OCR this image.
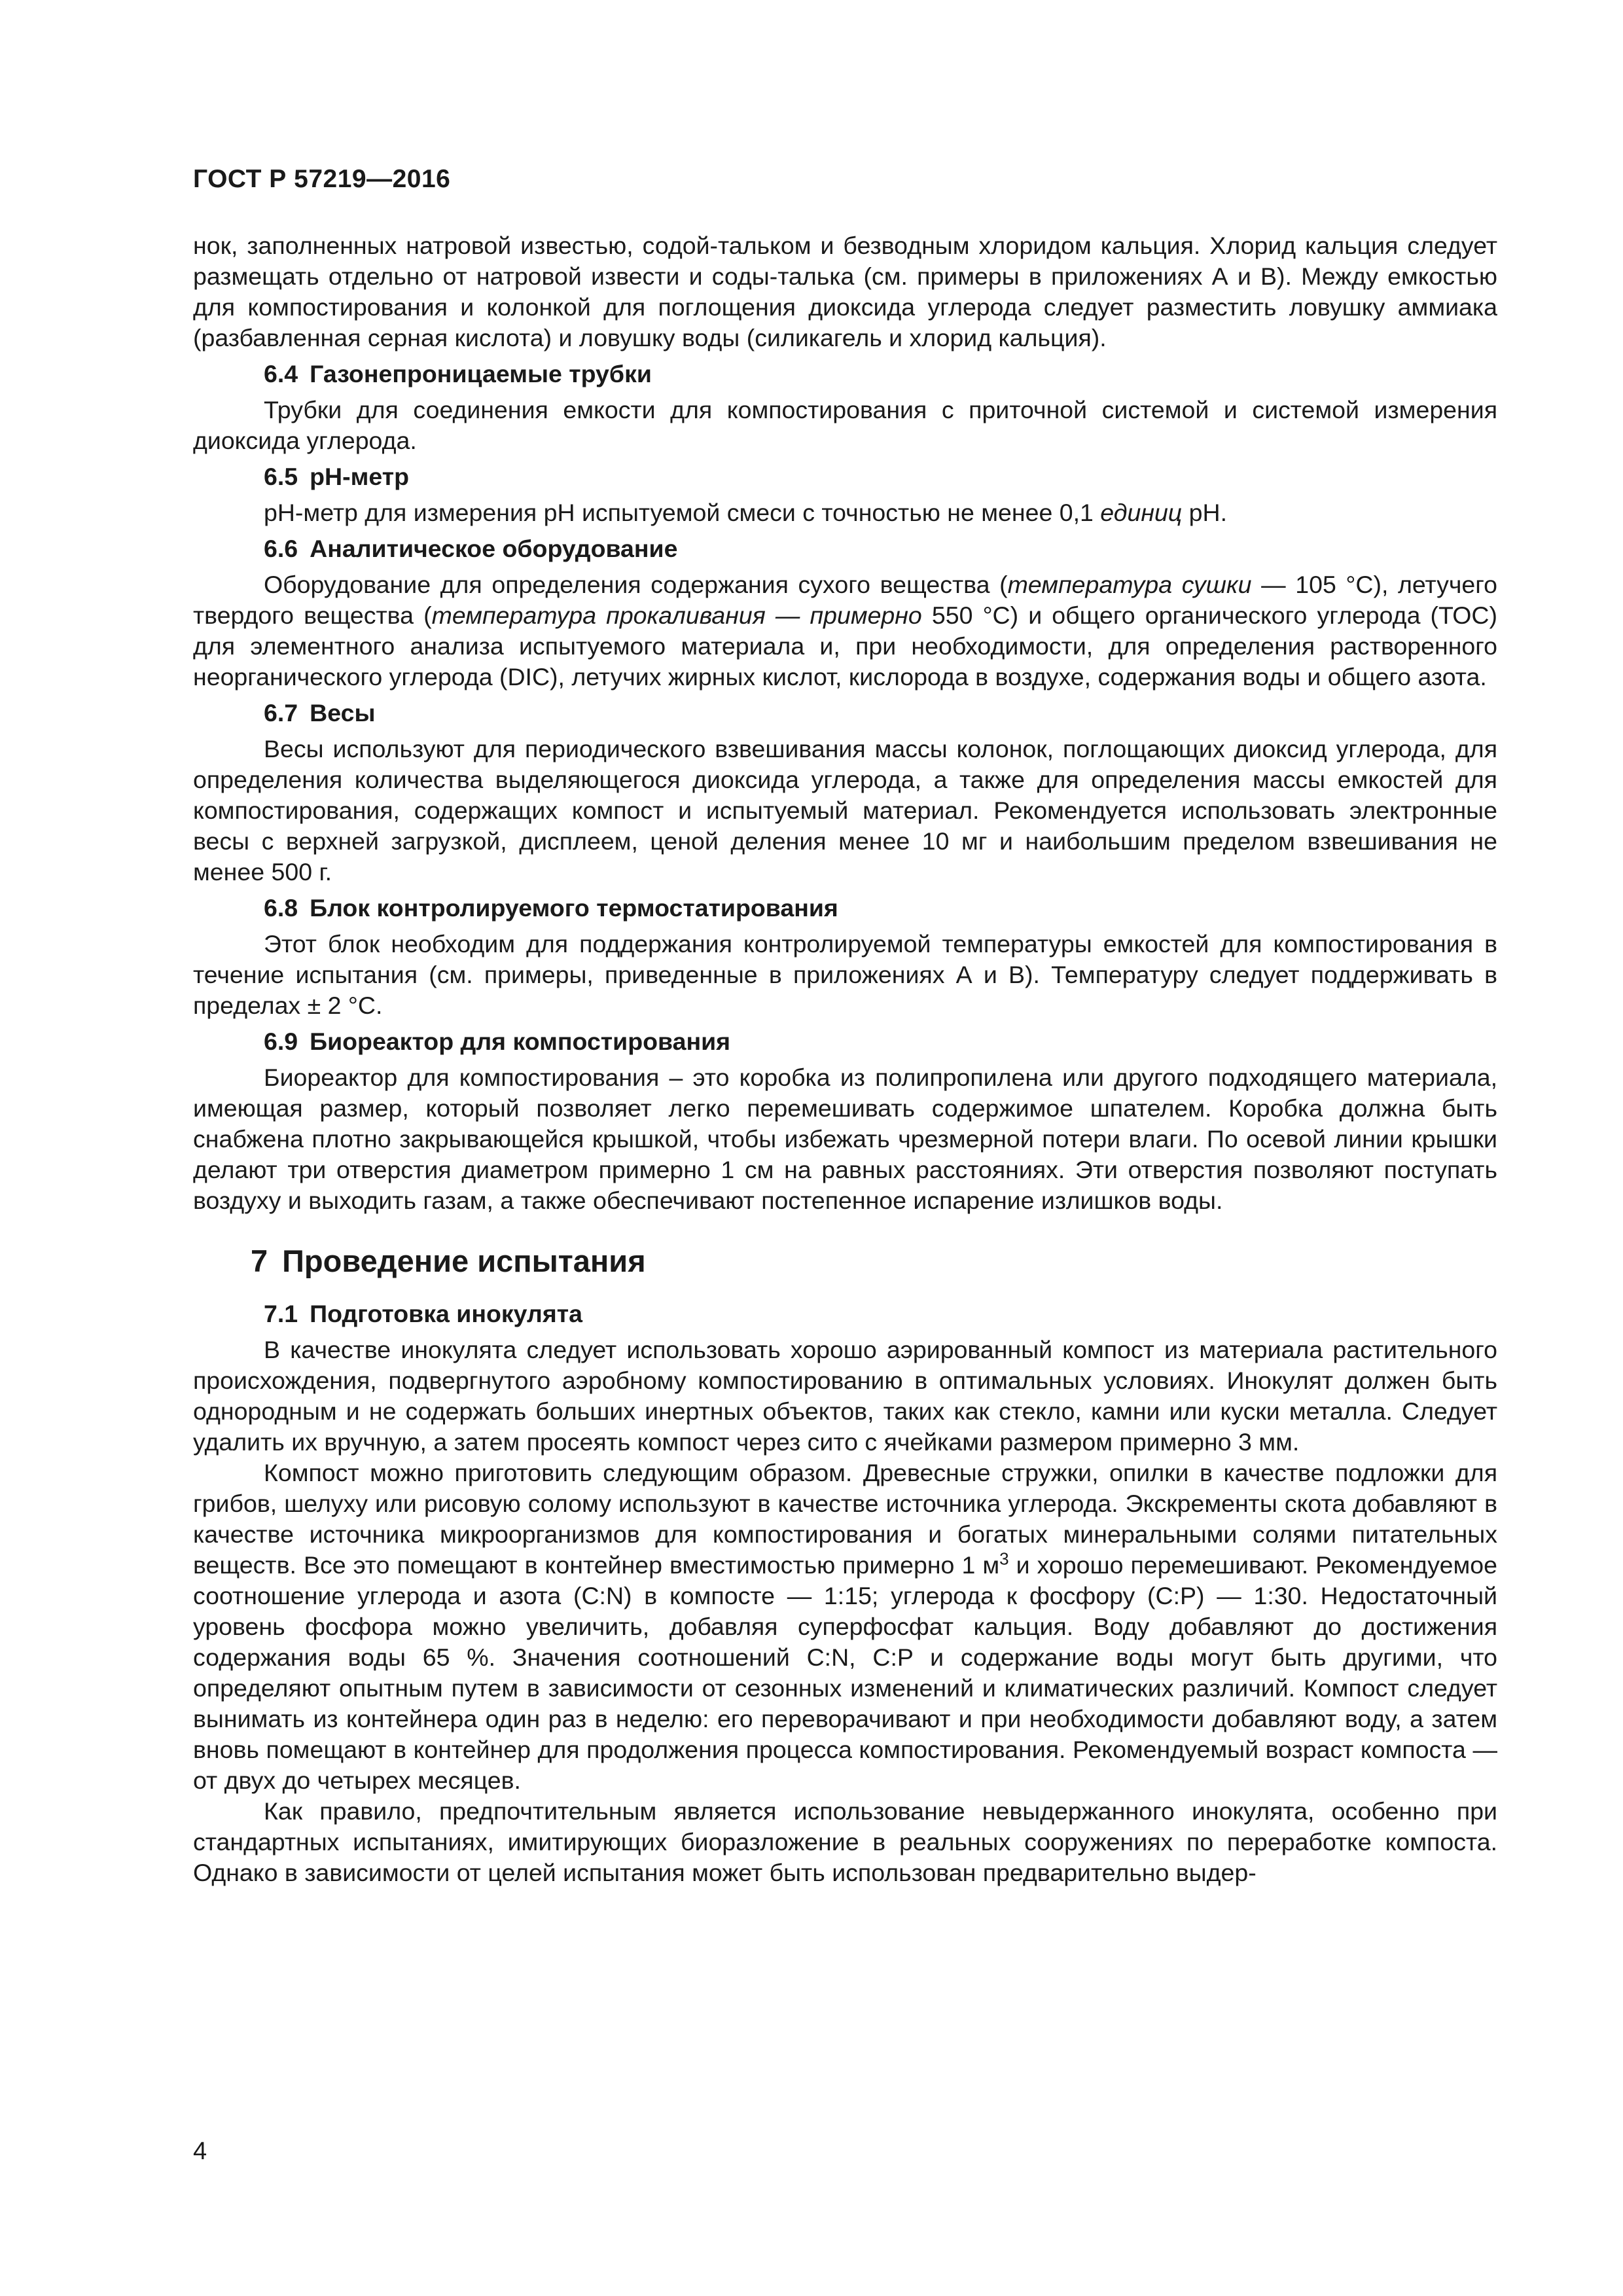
ГОСТ Р 57219—2016

нок, заполненных натровой известью, содой-тальком и безводным хлоридом кальция. Хлорид кальция следует размещать отдельно от натровой извести и соды-талька (см. примеры в приложениях А и В). Между емкостью для компостирования и колонкой для поглощения диоксида углерода следует разместить ловушку аммиака (разбавленная серная кислота) и ловушку воды (силикагель и хлорид кальция).

6.4 Газонепроницаемые трубки

Трубки для соединения емкости для компостирования с приточной системой и системой измерения диоксида углерода.

6.5 pH-метр

pH-метр для измерения pH испытуемой смеси с точностью не менее 0,1 единиц pH.

6.6 Аналитическое оборудование

Оборудование для определения содержания сухого вещества (температура сушки — 105 °С), летучего твердого вещества (температура прокаливания — примерно 550 °С) и общего органического углерода (ТОС) для элементного анализа испытуемого материала и, при необходимости, для определения растворенного неорганического углерода (DIC), летучих жирных кислот, кислорода в воздухе, содержания воды и общего азота.

6.7 Весы

Весы используют для периодического взвешивания массы колонок, поглощающих диоксид углерода, для определения количества выделяющегося диоксида углерода, а также для определения массы емкостей для компостирования, содержащих компост и испытуемый материал. Рекомендуется использовать электронные весы с верхней загрузкой, дисплеем, ценой деления менее 10 мг и наибольшим пределом взвешивания не менее 500 г.

6.8 Блок контролируемого термостатирования

Этот блок необходим для поддержания контролируемой температуры емкостей для компостирования в течение испытания (см. примеры, приведенные в приложениях А и В). Температуру следует поддерживать в пределах ± 2 °С.

6.9 Биореактор для компостирования

Биореактор для компостирования – это коробка из полипропилена или другого подходящего материала, имеющая размер, который позволяет легко перемешивать содержимое шпателем. Коробка должна быть снабжена плотно закрывающейся крышкой, чтобы избежать чрезмерной потери влаги. По осевой линии крышки делают три отверстия диаметром примерно 1 см на равных расстояниях. Эти отверстия позволяют поступать воздуху и выходить газам, а также обеспечивают постепенное испарение излишков воды.

7 Проведение испытания
7.1 Подготовка инокулята

В качестве инокулята следует использовать хорошо аэрированный компост из материала растительного происхождения, подвергнутого аэробному компостированию в оптимальных условиях. Инокулят должен быть однородным и не содержать больших инертных объектов, таких как стекло, камни или куски металла. Следует удалить их вручную, а затем просеять компост через сито с ячейками размером примерно 3 мм.

Компост можно приготовить следующим образом. Древесные стружки, опилки в качестве подложки для грибов, шелуху или рисовую солому используют в качестве источника углерода. Экскременты скота добавляют в качестве источника микроорганизмов для компостирования и богатых минеральными солями питательных веществ. Все это помещают в контейнер вместимостью примерно 1 $м^3$ и хорошо перемешивают. Рекомендуемое соотношение углерода и азота (C:N) в компосте — 1:15; углерода к фосфору (C:P) — 1:30. Недостаточный уровень фосфора можно увеличить, добавляя суперфосфат кальция. Воду добавляют до достижения содержания воды 65 %. Значения соотношений C:N, C:P и содержание воды могут быть другими, что определяют опытным путем в зависимости от сезонных изменений и климатических различий. Компост следует вынимать из контейнера один раз в неделю: его переворачивают и при необходимости добавляют воду, а затем вновь помещают в контейнер для продолжения процесса компостирования. Рекомендуемый возраст компоста — от двух до четырех месяцев.

Как правило, предпочтительным является использование невыдержанного инокулята, особенно при стандартных испытаниях, имитирующих биоразложение в реальных сооружениях по переработке компоста. Однако в зависимости от целей испытания может быть использован предварительно выдер-

4
